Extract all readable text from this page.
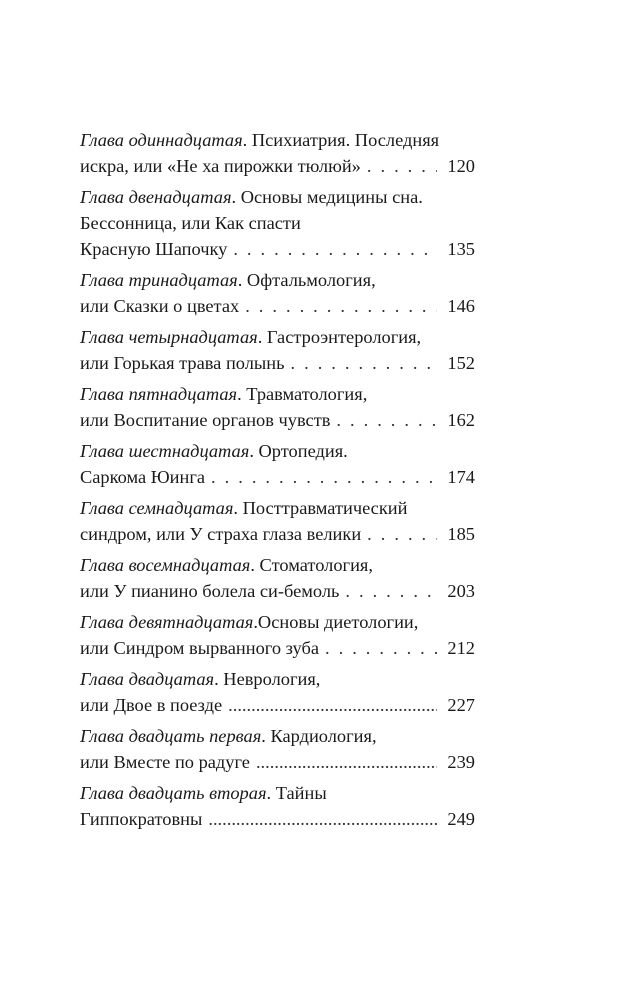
Глава одиннадцатая. Психиатрия. Последняя
искра, или «Не ха пирожки тюлюй» . . .	120
Глава двенадцатая. Основы медицины сна.
Бессонница, или Как спасти
Красную Шапочку . . .	135
Глава тринадцатая. Офтальмология,
или Сказки о цветах . . .	146
Глава четырнадцатая. Гастроэнтерология,
или Горькая трава полынь . . .	152
Глава пятнадцатая. Травматология,
или Воспитание органов чувств . . .	162
Глава шестнадцатая. Ортопедия.
Саркома Юинга . . .	174
Глава семнадцатая. Посттравматический
синдром, или У страха глаза велики . . .	185
Глава восемнадцатая. Стоматология,
или У пианино болела си-бемоль . . .	203
Глава девятнадцатая.Основы диетологии,
или Синдром вырванного зуба . . .	212
Глава двадцатая. Неврология,
или Двое в поезде .....	227
Глава двадцать первая. Кардиология,
или Вместе по радуге .....	239
Глава двадцать вторая. Тайны
Гиппократовны .....	249
